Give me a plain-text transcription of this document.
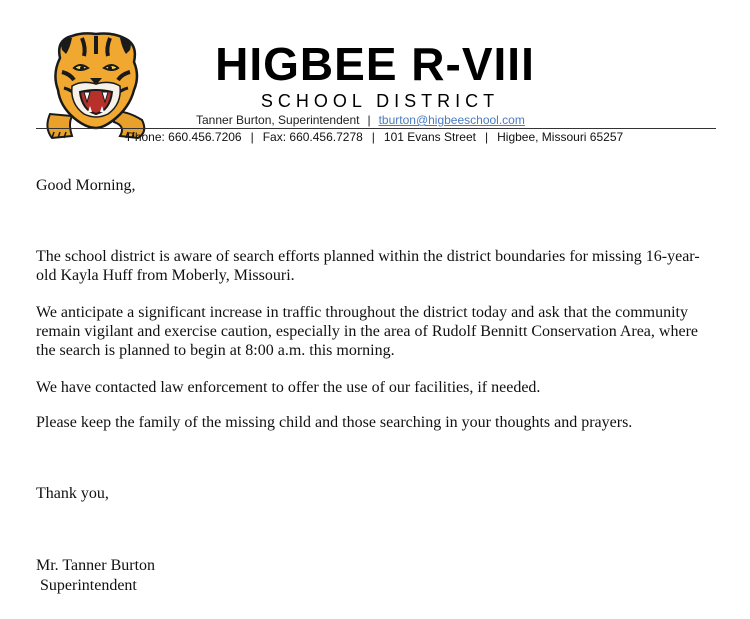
HIGBEE R-VIII
SCHOOL DISTRICT
Tanner Burton, Superintendent | tburton@higbeeschool.com
Phone: 660.456.7206 | Fax: 660.456.7278 | 101 Evans Street | Higbee, Missouri 65257
Good Morning,
The school district is aware of search efforts planned within the district boundaries for missing 16-year-old Kayla Huff from Moberly, Missouri.
We anticipate a significant increase in traffic throughout the district today and ask that the community remain vigilant and exercise caution, especially in the area of Rudolf Bennitt Conservation Area, where the search is planned to begin at 8:00 a.m. this morning.
We have contacted law enforcement to offer the use of our facilities, if needed.
Please keep the family of the missing child and those searching in your thoughts and prayers.
Thank you,
Mr. Tanner Burton
Superintendent
